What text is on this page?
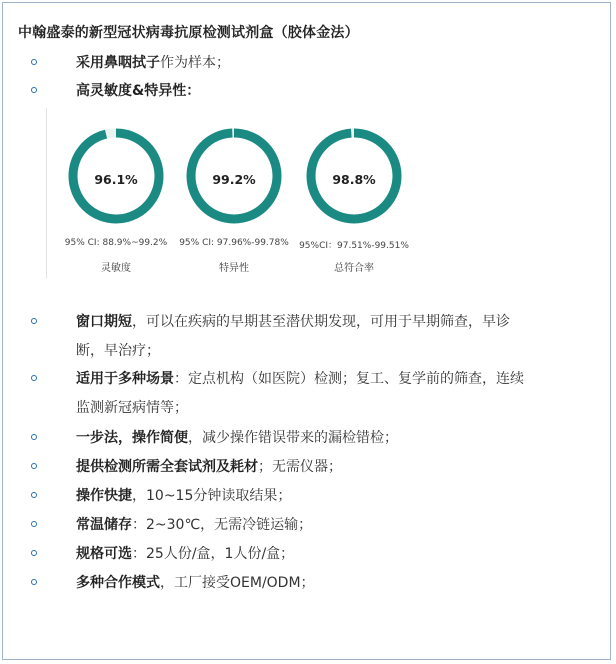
中翰盛泰的新型冠状病毒抗原检测试剂盒（胶体金法）
采用鼻咽拭子作为样本；
高灵敏度&特异性：
96.1%
95% CI: 88.9%~99.2%
灵敏度
99.2%
95% CI: 97.96%-99.78%
特异性
98.8%
95%CI：97.51%-99.51%
总符合率
窗口期短，可以在疾病的早期甚至潜伏期发现，可用于早期筛查，早诊
断，早治疗；
适用于多种场景：定点机构（如医院）检测；复工、复学前的筛查，连续
监测新冠病情等；
一步法，操作简便，减少操作错误带来的漏检错检；
提供检测所需全套试剂及耗材；无需仪器；
操作快捷，10~15分钟读取结果；
常温储存：2~30℃，无需冷链运输；
规格可选：25人份/盒，1人份/盒；
多种合作模式，工厂接受OEM/ODM；
